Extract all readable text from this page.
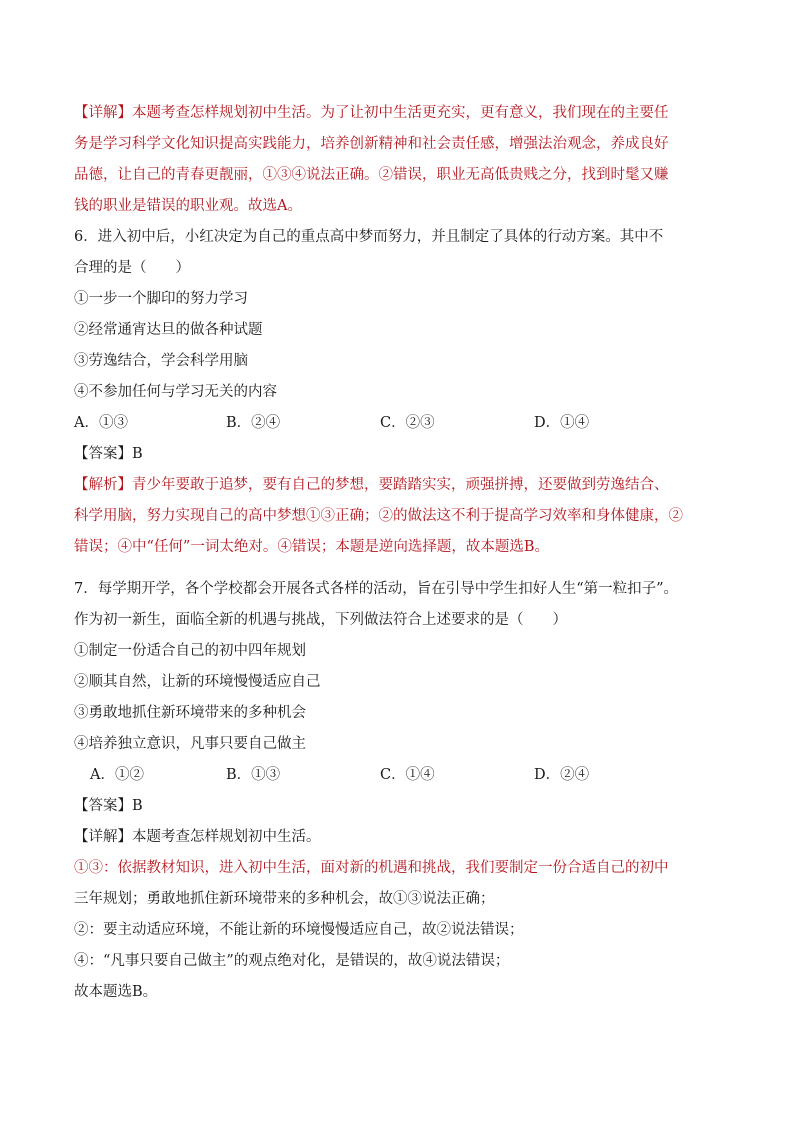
【详解】本题考查怎样规划初中生活。为了让初中生活更充实，更有意义，我们现在的主要任
务是学习科学文化知识提高实践能力，培养创新精神和社会责任感，增强法治观念，养成良好
品德，让自己的青春更靓丽，①③④说法正确。②错误，职业无高低贵贱之分，找到时髦又赚
钱的职业是错误的职业观。故选A。
6．进入初中后，小红决定为自己的重点高中梦而努力，并且制定了具体的行动方案。其中不
合理的是（　　）
①一步一个脚印的努力学习
②经常通宵达旦的做各种试题
③劳逸结合，学会科学用脑
④不参加任何与学习无关的内容
A．①③	B．②④	C．②③	D．①④
【答案】B
【解析】青少年要敢于追梦，要有自己的梦想，要踏踏实实，顽强拼搏，还要做到劳逸结合、
科学用脑，努力实现自己的高中梦想①③正确；②的做法这不利于提高学习效率和身体健康，②
错误；④中“任何”一词太绝对。④错误；本题是逆向选择题，故本题选B。
7．每学期开学，各个学校都会开展各式各样的活动，旨在引导中学生扣好人生“第一粒扣子”。
作为初一新生，面临全新的机遇与挑战，下列做法符合上述要求的是（　　）
①制定一份适合自己的初中四年规划
②顺其自然，让新的环境慢慢适应自己
③勇敢地抓住新环境带来的多种机会
④培养独立意识，凡事只要自己做主
A．①②	B．①③	C．①④	D．②④
【答案】B
【详解】本题考查怎样规划初中生活。
①③：依据教材知识，进入初中生活，面对新的机遇和挑战，我们要制定一份合适自己的初中
三年规划；勇敢地抓住新环境带来的多种机会，故①③说法正确；
②：要主动适应环境，不能让新的环境慢慢适应自己，故②说法错误；
④：“凡事只要自己做主”的观点绝对化，是错误的，故④说法错误；
故本题选B。
